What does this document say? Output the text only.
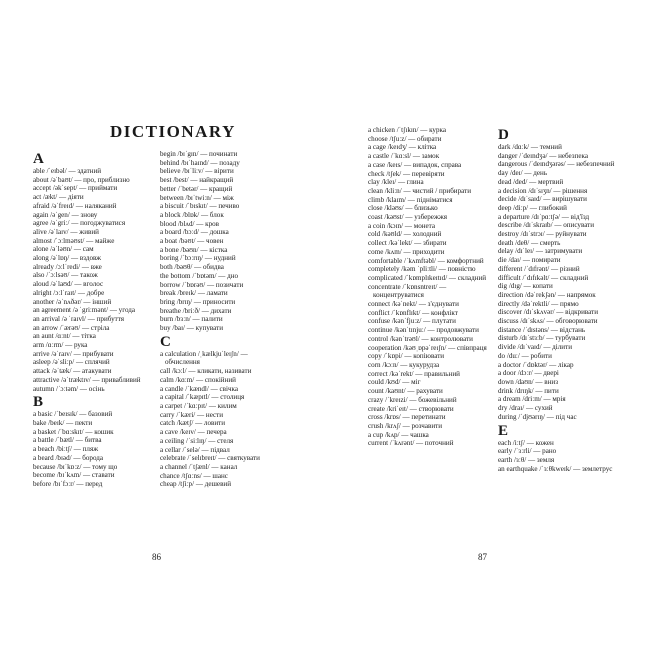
DICTIONARY
A
able /ˈeɪbəl/ — здатний
about /əˈbaʊt/ — про, приблизно
accept /əkˈsept/ — приймати
act /ækt/ — діяти
afraid /əˈfreɪd/ — наляканий
again /əˈgen/ — знову
agree /əˈgriː/ — погоджуватися
alive /əˈlaɪv/ — живий
almost /ˈɔːlməʊst/ — майже
alone /əˈləʊn/ — сам
along /əˈlɒŋ/ — вздовж
already /ɔːlˈredi/ — вже
also /ˈɔːlsəʊ/ — також
aloud /əˈlaʊd/ — вголос
alright /ɔːlˈraɪt/ — добре
another /əˈnʌðər/ — інший
an agreement /ə ˈgriːmənt/ — угода
an arrival /ə ˈraɪvl/ — прибуття
an arrow /ˈærəʊ/ — стріла
an aunt /ɑːnt/ — тітка
arm /ɑːrm/ — рука
arrive /əˈraɪv/ — прибувати
asleep /əˈsliːp/ — сплячий
attack /əˈtæk/ — атакувати
attractive /əˈtræktɪv/ — привабливий
autumn /ˈɔːtəm/ — осінь
B
a basic /ˈbeɪsɪk/ — базовий
bake /beɪk/ — пекти
a basket /ˈbɑːskɪt/ — кошик
a battle /ˈbætl/ — битва
a beach /biːtʃ/ — пляж
a beard /bɪəd/ — борода
because /bɪˈkɒːz/ — тому що
become /bɪˈkʌm/ — ставати
before /bɪˈfɔːr/ — перед
begin /bɪˈgɪn/ — починати
behind /bɪˈhaɪnd/ — позаду
believe /bɪˈliːv/ — вірити
best /best/ — найкращий
better /ˈbetər/ — кращий
between /bɪˈtwiːn/ — між
a biscuit /ˈbɪskɪt/ — печиво
a block /blɒk/ — блок
blood /blʌd/ — кров
a board /bɔːd/ — дошка
a boat /bəʊt/ — човен
a bone /bəʊn/ — кістка
boring /ˈbɔːrɪŋ/ — нудний
both /bəʊθ/ — обидва
the bottom /ˈbɒtəm/ — дно
borrow /ˈbɒrəʊ/ — позичати
break /breɪk/ — ламати
bring /brɪŋ/ — приносити
breathe /briːð/ — дихати
burn /bɜːn/ — палити
buy /baɪ/ — купувати
C
a calculation /ˌkælkjuˈleɪʃn/ — обчислення
call /kɔːl/ — кликати, називати
calm /kɑːm/ — спокійний
a candle /ˈkændl/ — свічка
a capital /ˈkæpɪtl/ — столиця
a carpet /ˈkɑːpɪt/ — килим
carry /ˈkæri/ — нести
catch /kætʃ/ — ловити
a cave /keɪv/ — печера
a ceiling /ˈsiːlɪŋ/ — стеля
a cellar /ˈselə/ — підвал
celebrate /ˈselɪbreɪt/ — святкувати
a channel /ˈtʃænl/ — канал
chance /tʃɑːns/ — шанс
cheap /tʃiːp/ — дешевий
86
a chicken /ˈtʃɪkɪn/ — курка
choose /tʃuːz/ — обирати
a cage /keɪdʒ/ — клітка
a castle /ˈkɑːsl/ — замок
a case /keɪs/ — випадок, справа
check /tʃek/ — перевіряти
clay /kleɪ/ — глина
clean /kliːn/ — чистий / прибирати
climb /klaɪm/ — підніматися
close /kləʊs/ — близько
coast /kəʊst/ — узбережжя
a coin /kɔɪn/ — монета
cold /kəʊld/ — холодний
collect /kəˈlekt/ — збирати
come /kʌm/ — приходити
comfortable /ˈkʌmftəbl/ — комфортний
completely /kəm ˈpliːtli/ — повністю
complicated /ˈkɒmplɪkeɪtɪd/ — складний
concentrate /ˈkɒnsntreɪt/ — концентруватися
connect /kəˈnekt/ — з'єднувати
conflict /ˈkɒnflɪkt/ — конфлікт
confuse /kənˈfjuːz/ — плутати
continue /kənˈtɪnjuː/ — продовжувати
control /kənˈtrəʊl/ — контролювати
cooperation /kəʊˌɒpəˈreɪʃn/ — співпраця
copy /ˈkɒpi/ — копіювати
corn /kɔːn/ — кукурудза
correct /kəˈrekt/ — правильний
could /kʊd/ — міг
count /kaʊnt/ — рахувати
crazy /ˈkreɪzi/ — божевільний
create /kriˈeɪt/ — створювати
cross /krɒs/ — перетинати
crush /krʌʃ/ — розчавити
a cup /kʌp/ — чашка
current /ˈkʌrənt/ — поточний
D
dark /dɑːk/ — темний
danger /ˈdeɪndʒə/ — небезпека
dangerous /ˈdeɪndʒərəs/ — небезпечний
day /deɪ/ — день
dead /ded/ — мертвий
a decision /dɪˈsɪʒn/ — рішення
decide /dɪˈsaɪd/ — вирішувати
deep /diːp/ — глибокий
a departure /dɪˈpɑːtʃə/ — від'їзд
describe /dɪˈskraɪb/ — описувати
destroy /dɪˈstrɔɪ/ — руйнувати
death /deθ/ — смерть
delay /dɪˈleɪ/ — затримувати
die /daɪ/ — помирати
different /ˈdɪfrənt/ — різний
difficult /ˈdɪfɪkəlt/ — складний
dig /dɪg/ — копати
direction /dəˈrekʃən/ — напрямок
directly /dəˈrektli/ — прямо
discover /dɪˈskʌvər/ — відкривати
discuss /dɪˈskʌs/ — обговорювати
distance /ˈdɪstəns/ — відстань
disturb /dɪˈstɜːb/ — турбувати
divide /dɪˈvaɪd/ — ділити
do /duː/ — робити
a doctor /ˈdɒktər/ — лікар
a door /dɔːr/ — двері
down /daʊn/ — вниз
drink /drɪŋk/ — пити
a dream /driːm/ — мрія
dry /draɪ/ — сухий
during /ˈdjʊərɪŋ/ — під час
E
each /iːtʃ/ — кожен
early /ˈɜːrli/ — рано
earth /ɜːθ/ — земля
an earthquake /ˈɜːθkweɪk/ — землетрус
87
